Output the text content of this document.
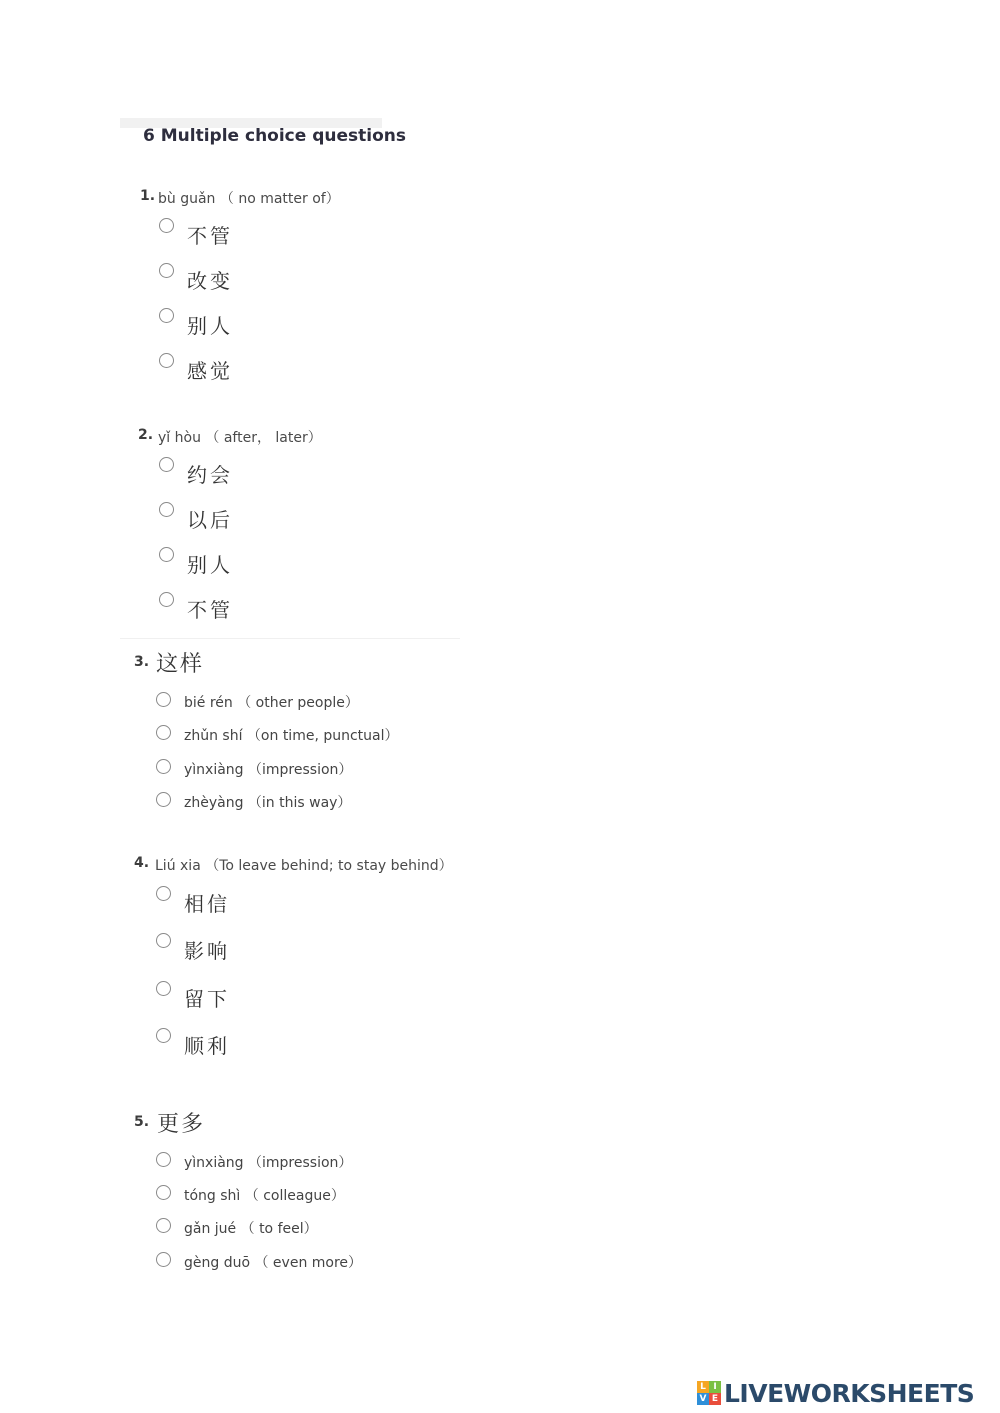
6 Multiple choice questions
1. bù guǎn （ no matter of）
不管
改变
别人
感觉
2. yǐ hòu （ after， later）
约会
以后
别人
不管
3. 这样
bié rén （ other people）
zhǔn shí （on time, punctual）
yìnxiàng （impression）
zhèyàng （in this way）
4. Liú xia （To leave behind; to stay behind）
相信
影响
留下
顺利
5. 更多
yìnxiàng （impression）
tóng shì （ colleague）
gǎn jué （ to feel）
gèng duō （ even more）
L I
V E LIVEWORKSHEETS
